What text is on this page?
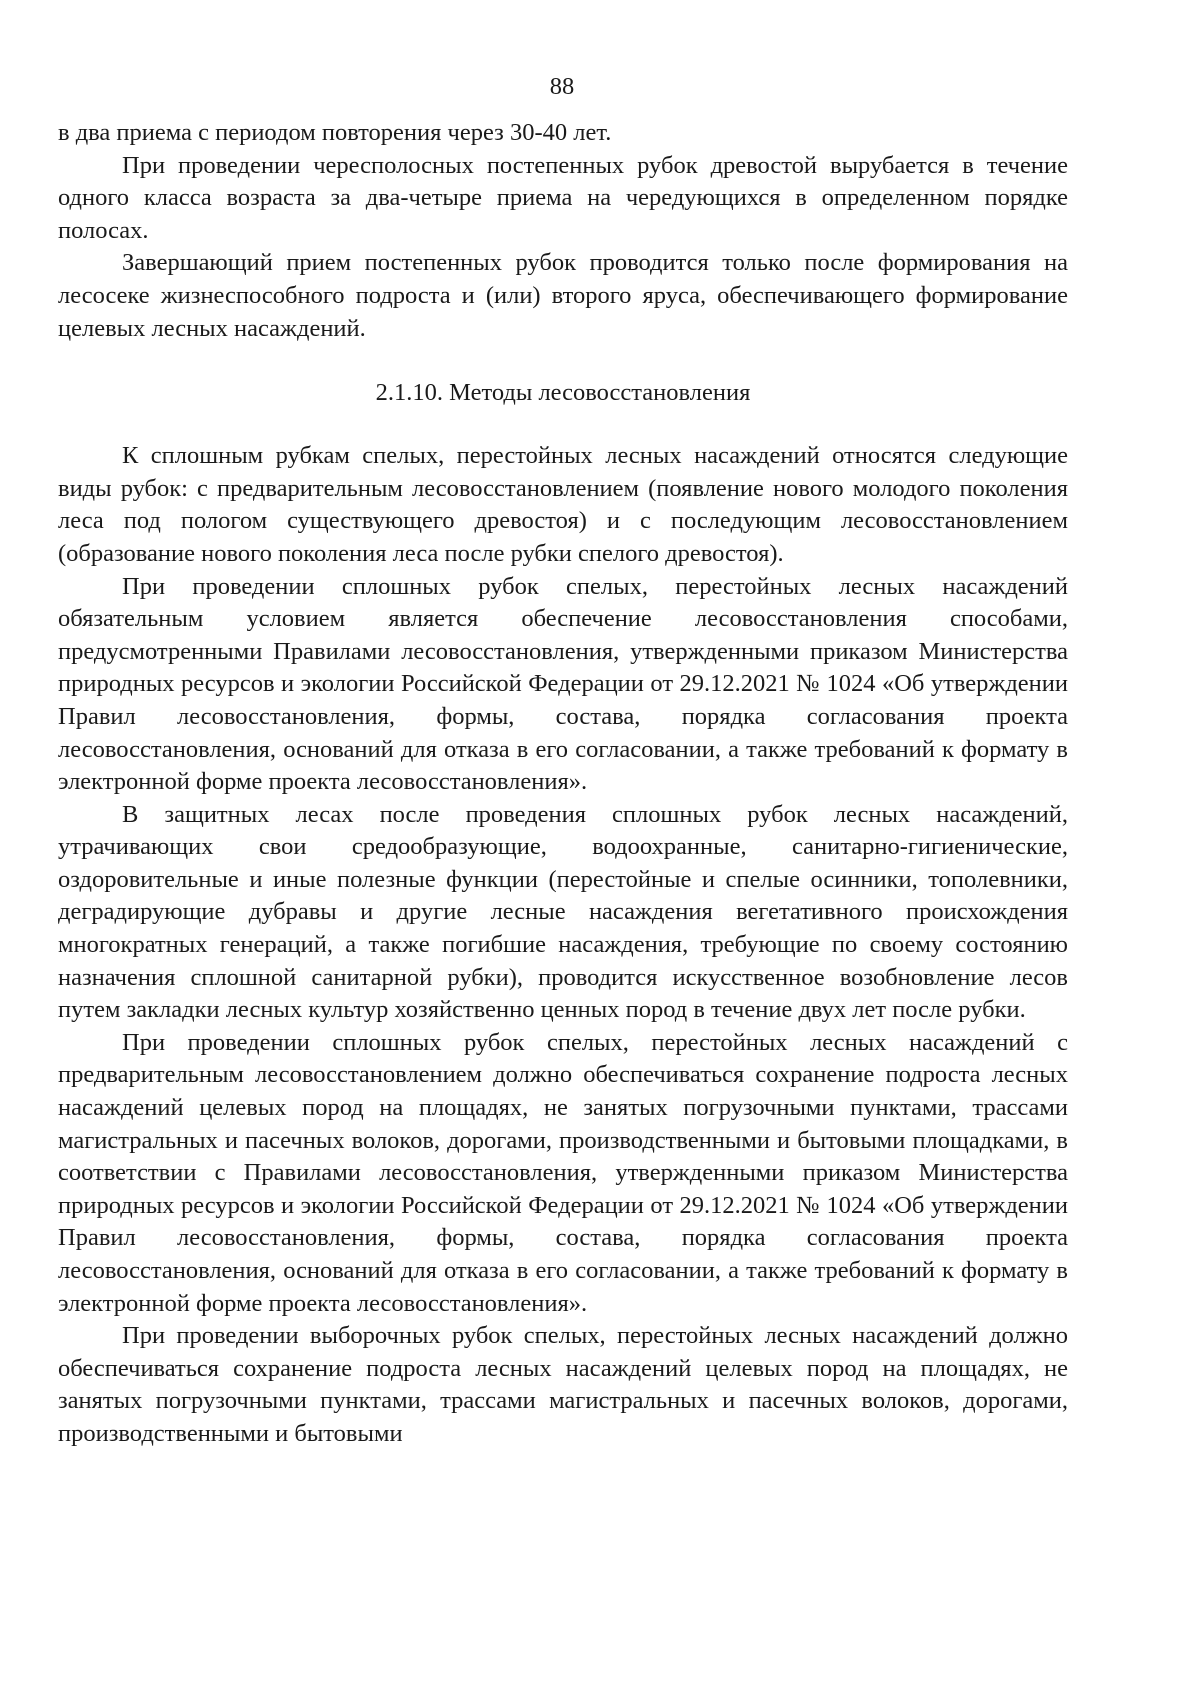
88

в два приема с периодом повторения через 30-40 лет.

При проведении чересполосных постепенных рубок древостой вырубается в течение одного класса возраста за два-четыре приема на чередующихся в определенном порядке полосах.

Завершающий прием постепенных рубок проводится только после формирования на лесосеке жизнеспособного подроста и (или) второго яруса, обеспечивающего формирование целевых лесных насаждений.

2.1.10. Методы лесовосстановления

К сплошным рубкам спелых, перестойных лесных насаждений относятся следующие виды рубок: с предварительным лесовосстановлением (появление нового молодого поколения леса под пологом существующего древостоя) и с последующим лесовосстановлением (образование нового поколения леса после рубки спелого древостоя).

При проведении сплошных рубок спелых, перестойных лесных насаждений обязательным условием является обеспечение лесовосстановления способами, предусмотренными Правилами лесовосстановления, утвержденными приказом Министерства природных ресурсов и экологии Российской Федерации от 29.12.2021 № 1024 «Об утверждении Правил лесовосстановления, формы, состава, порядка согласования проекта лесовосстановления, оснований для отказа в его согласовании, а также требований к формату в электронной форме проекта лесовосстановления».

В защитных лесах после проведения сплошных рубок лесных насаждений, утрачивающих свои средообразующие, водоохранные, санитарно-гигиенические, оздоровительные и иные полезные функции (перестойные и спелые осинники, тополевники, деградирующие дубравы и другие лесные насаждения вегетативного происхождения многократных генераций, а также погибшие насаждения, требующие по своему состоянию назначения сплошной санитарной рубки), проводится искусственное возобновление лесов путем закладки лесных культур хозяйственно ценных пород в течение двух лет после рубки.

При проведении сплошных рубок спелых, перестойных лесных насаждений с предварительным лесовосстановлением должно обеспечиваться сохранение подроста лесных насаждений целевых пород на площадях, не занятых погрузочными пунктами, трассами магистральных и пасечных волоков, дорогами, производственными и бытовыми площадками, в соответствии с Правилами лесовосстановления, утвержденными приказом Министерства природных ресурсов и экологии Российской Федерации от 29.12.2021 № 1024 «Об утверждении Правил лесовосстановления, формы, состава, порядка согласования проекта лесовосстановления, оснований для отказа в его согласовании, а также требований к формату в электронной форме проекта лесовосстановления».

При проведении выборочных рубок спелых, перестойных лесных насаждений должно обеспечиваться сохранение подроста лесных насаждений целевых пород на площадях, не занятых погрузочными пунктами, трассами магистральных и пасечных волоков, дорогами, производственными и бытовыми
